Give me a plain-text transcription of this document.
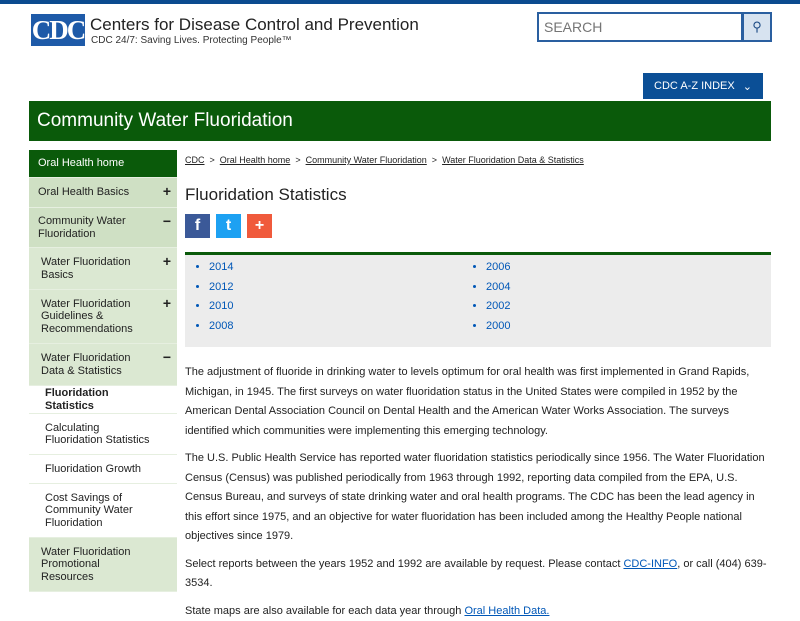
CDC Centers for Disease Control and Prevention
CDC 24/7: Saving Lives. Protecting People™
SEARCH
⚲
CDC A-Z INDEX ⌄
Community Water Fluoridation
Oral Health home
Oral Health Basics +
Community Water Fluoridation
−
Water Fluoridation Basics
+
Water Fluoridation Guidelines & Recommendations
+
Water Fluoridation Data & Statistics
−
Fluoridation Statistics
Calculating Fluoridation Statistics
Fluoridation Growth
Cost Savings of Community Water Fluoridation
Water Fluoridation Promotional Resources
CDC > Oral Health home > Community Water Fluoridation > Water Fluoridation Data & Statistics
Fluoridation Statistics
f	t	+
• 2014
• 2012
• 2010
• 2008
• 2006
• 2004
• 2002
• 2000

The adjustment of fluoride in drinking water to levels optimum for oral health was first implemented in Grand Rapids, Michigan, in 1945. The first surveys on water fluoridation status in the United States were compiled in 1952 by the American Dental Association Council on Dental Health and the American Water Works Association. The surveys identified which communities were implementing this emerging technology.

The U.S. Public Health Service has reported water fluoridation statistics periodically since 1956. The Water Fluoridation Census (Census) was published periodically from 1963 through 1992, reporting data compiled from the EPA, U.S. Census Bureau, and surveys of state drinking water and oral health programs. The CDC has been the lead agency in this effort since 1975, and an objective for water fluoridation has been included among the Healthy People national objectives since 1979.

Select reports between the years 1952 and 1992 are available by request. Please contact CDC-INFO, or call (404) 639-3534.

State maps are also available for each data year through Oral Health Data.
